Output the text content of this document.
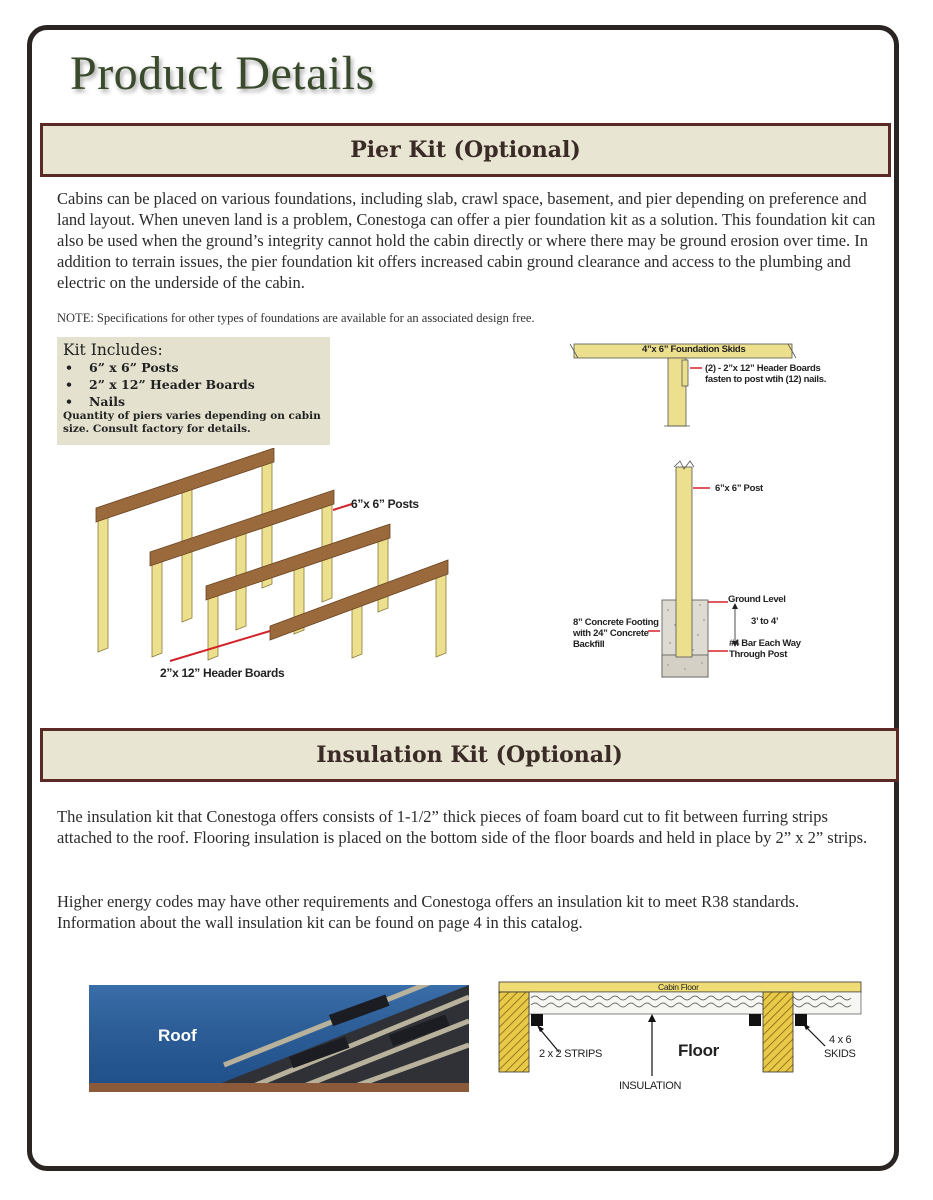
Product Details
Pier Kit (Optional)

Cabins can be placed on various foundations, including slab, crawl space, basement, and pier depending on preference and land layout. When uneven land is a problem, Conestoga can offer a pier foundation kit as a solution. This foundation kit can also be used when the ground’s integrity cannot hold the cabin directly or where there may be ground erosion over time. In addition to terrain issues, the pier foundation kit offers increased cabin ground clearance and access to the plumbing and electric on the underside of the cabin.

NOTE: Specifications for other types of foundations are available for an associated design free.

Kit Includes:
• 6” x 6” Posts
• 2” x 12” Header Boards
• Nails
Quantity of piers varies depending on cabin size. Consult factory for details.
6”x 6” Posts
2”x 12” Header Boards
4”x 6” Foundation Skids
(2) - 2”x 12” Header Boards
fasten to post wtih (12) nails.
6”x 6” Post
Ground Level
3’ to 4’
8” Concrete Footing
with 24” Concrete
Backfill	#4 Bar Each Way
Through Post
Insulation Kit (Optional)

The insulation kit that Conestoga offers consists of 1-1/2” thick pieces of foam board cut to fit between furring strips attached to the roof. Flooring insulation is placed on the bottom side of the floor boards and held in place by 2” x 2” strips.

Higher energy codes may have other requirements and Conestoga offers an insulation kit to meet R38 standards. Information about the wall insulation kit can be found on page 4 in this catalog.

Roof
Cabin Floor
2 x 2 STRIPS	Floor
4 x 6
SKIDS
INSULATION
